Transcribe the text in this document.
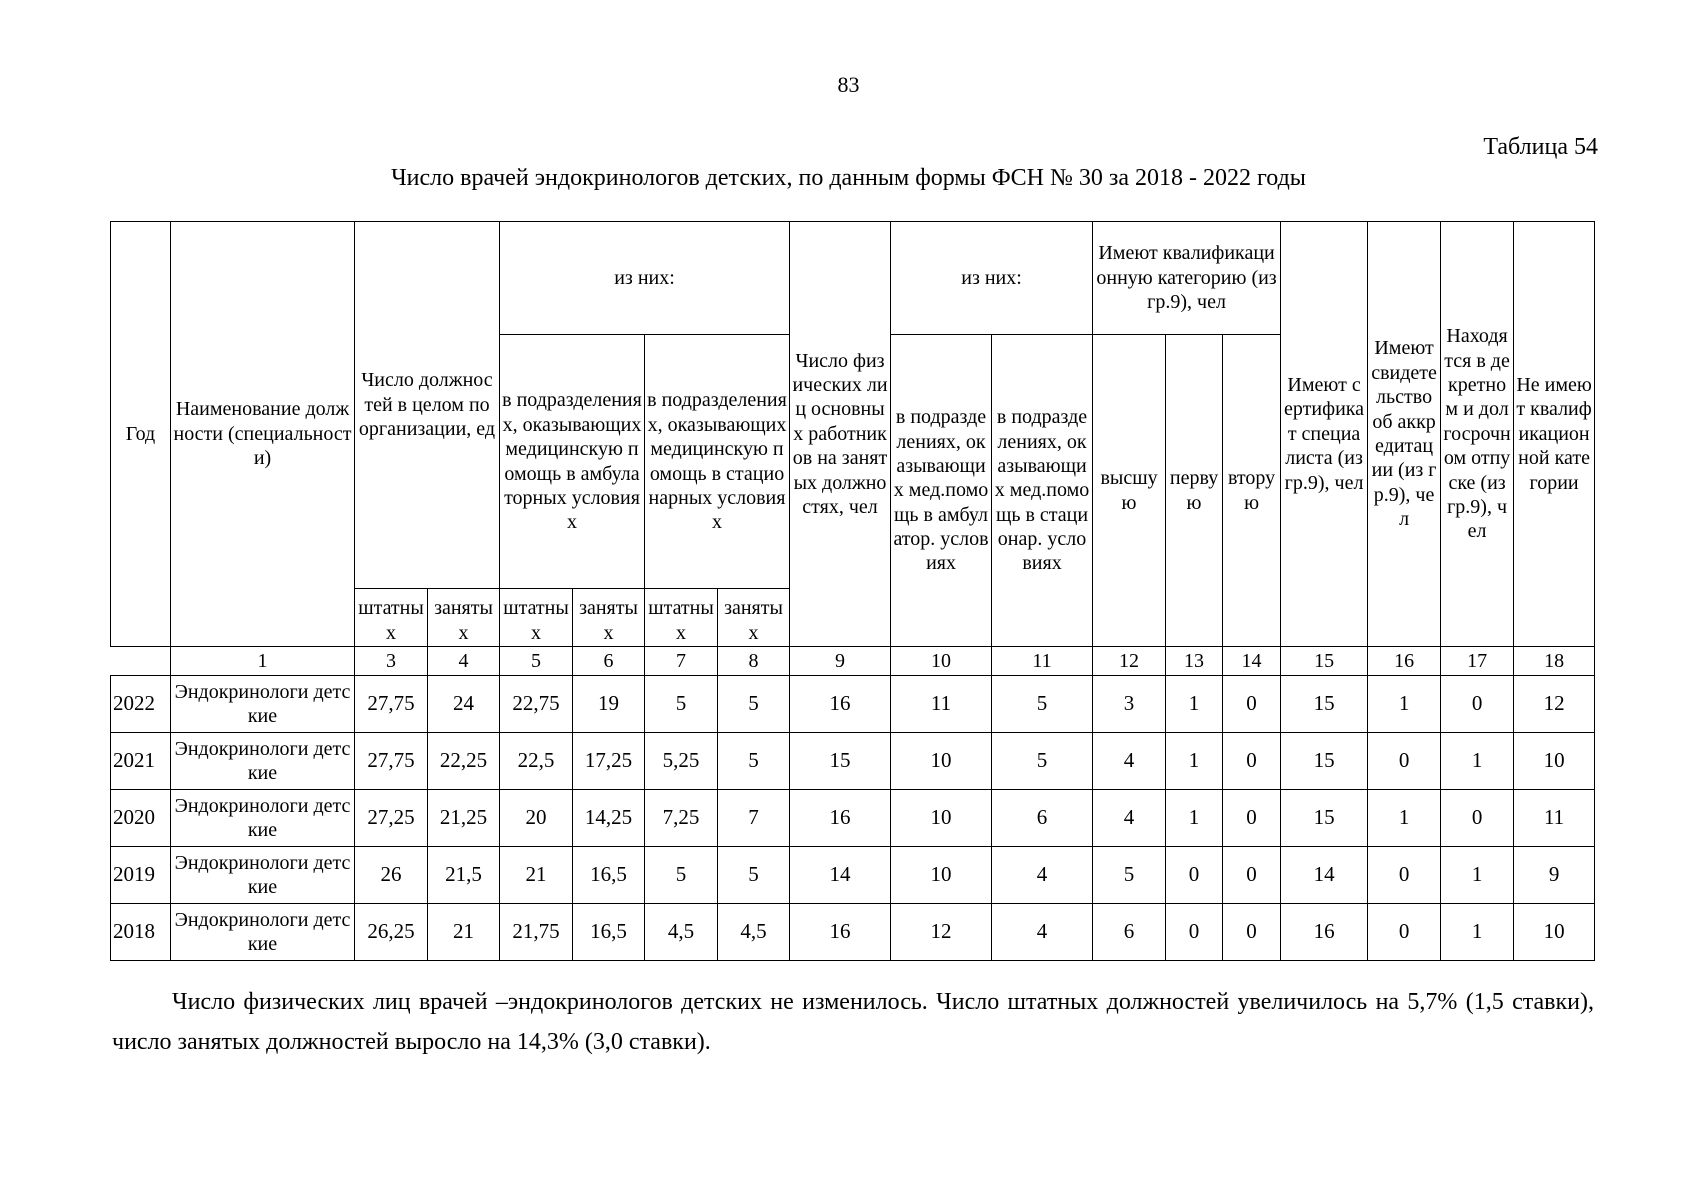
83
Таблица 54
Число врачей эндокринологов детских, по данным формы ФСН № 30 за 2018 - 2022 годы
Год	Наименование должности (специальности)	Число должностей в целом по организации, ед		из них:				Число физических лиц основных работников на занятых должностях, чел	из них:		Имеют квалификационную категорию (из гр.9), чел			Имеют сертификат специалиста (из гр.9), чел	Имеют свидетельство об аккредитации (из гр.9), чел	Находятся в декретном и долгосрочном отпуске (из гр.9), чел	Не имеют квалификационной категории
				в подразделениях, оказывающих медицинскую помощь в амбулаторных условиях		в подразделениях, оказывающих медицинскую помощь в стационарных условиях			в подразделениях, оказывающих мед.помощь в амбулатор. условиях	в подразделениях, оказывающих мед.помощь в стационар. условиях	высшую	первую	вторую				
		штатных	занятых	штатных	занятых	штатных	занятых										
	1	3	4	5	6	7	8	9	10	11	12	13	14	15	16	17	18
2022	Эндокринологи детские	27,75	24	22,75	19	5	5	16	11	5	3	1	0	15	1	0	12
2021	Эндокринологи детские	27,75	22,25	22,5	17,25	5,25	5	15	10	5	4	1	0	15	0	1	10
2020	Эндокринологи детские	27,25	21,25	20	14,25	7,25	7	16	10	6	4	1	0	15	1	0	11
2019	Эндокринологи детские	26	21,5	21	16,5	5	5	14	10	4	5	0	0	14	0	1	9
2018	Эндокринологи детские	26,25	21	21,75	16,5	4,5	4,5	16	12	4	6	0	0	16	0	1	10

Число физических лиц врачей –эндокринологов детских не изменилось. Число штатных должностей увеличилось на 5,7% (1,5 ставки), число занятых должностей выросло на 14,3% (3,0 ставки).
